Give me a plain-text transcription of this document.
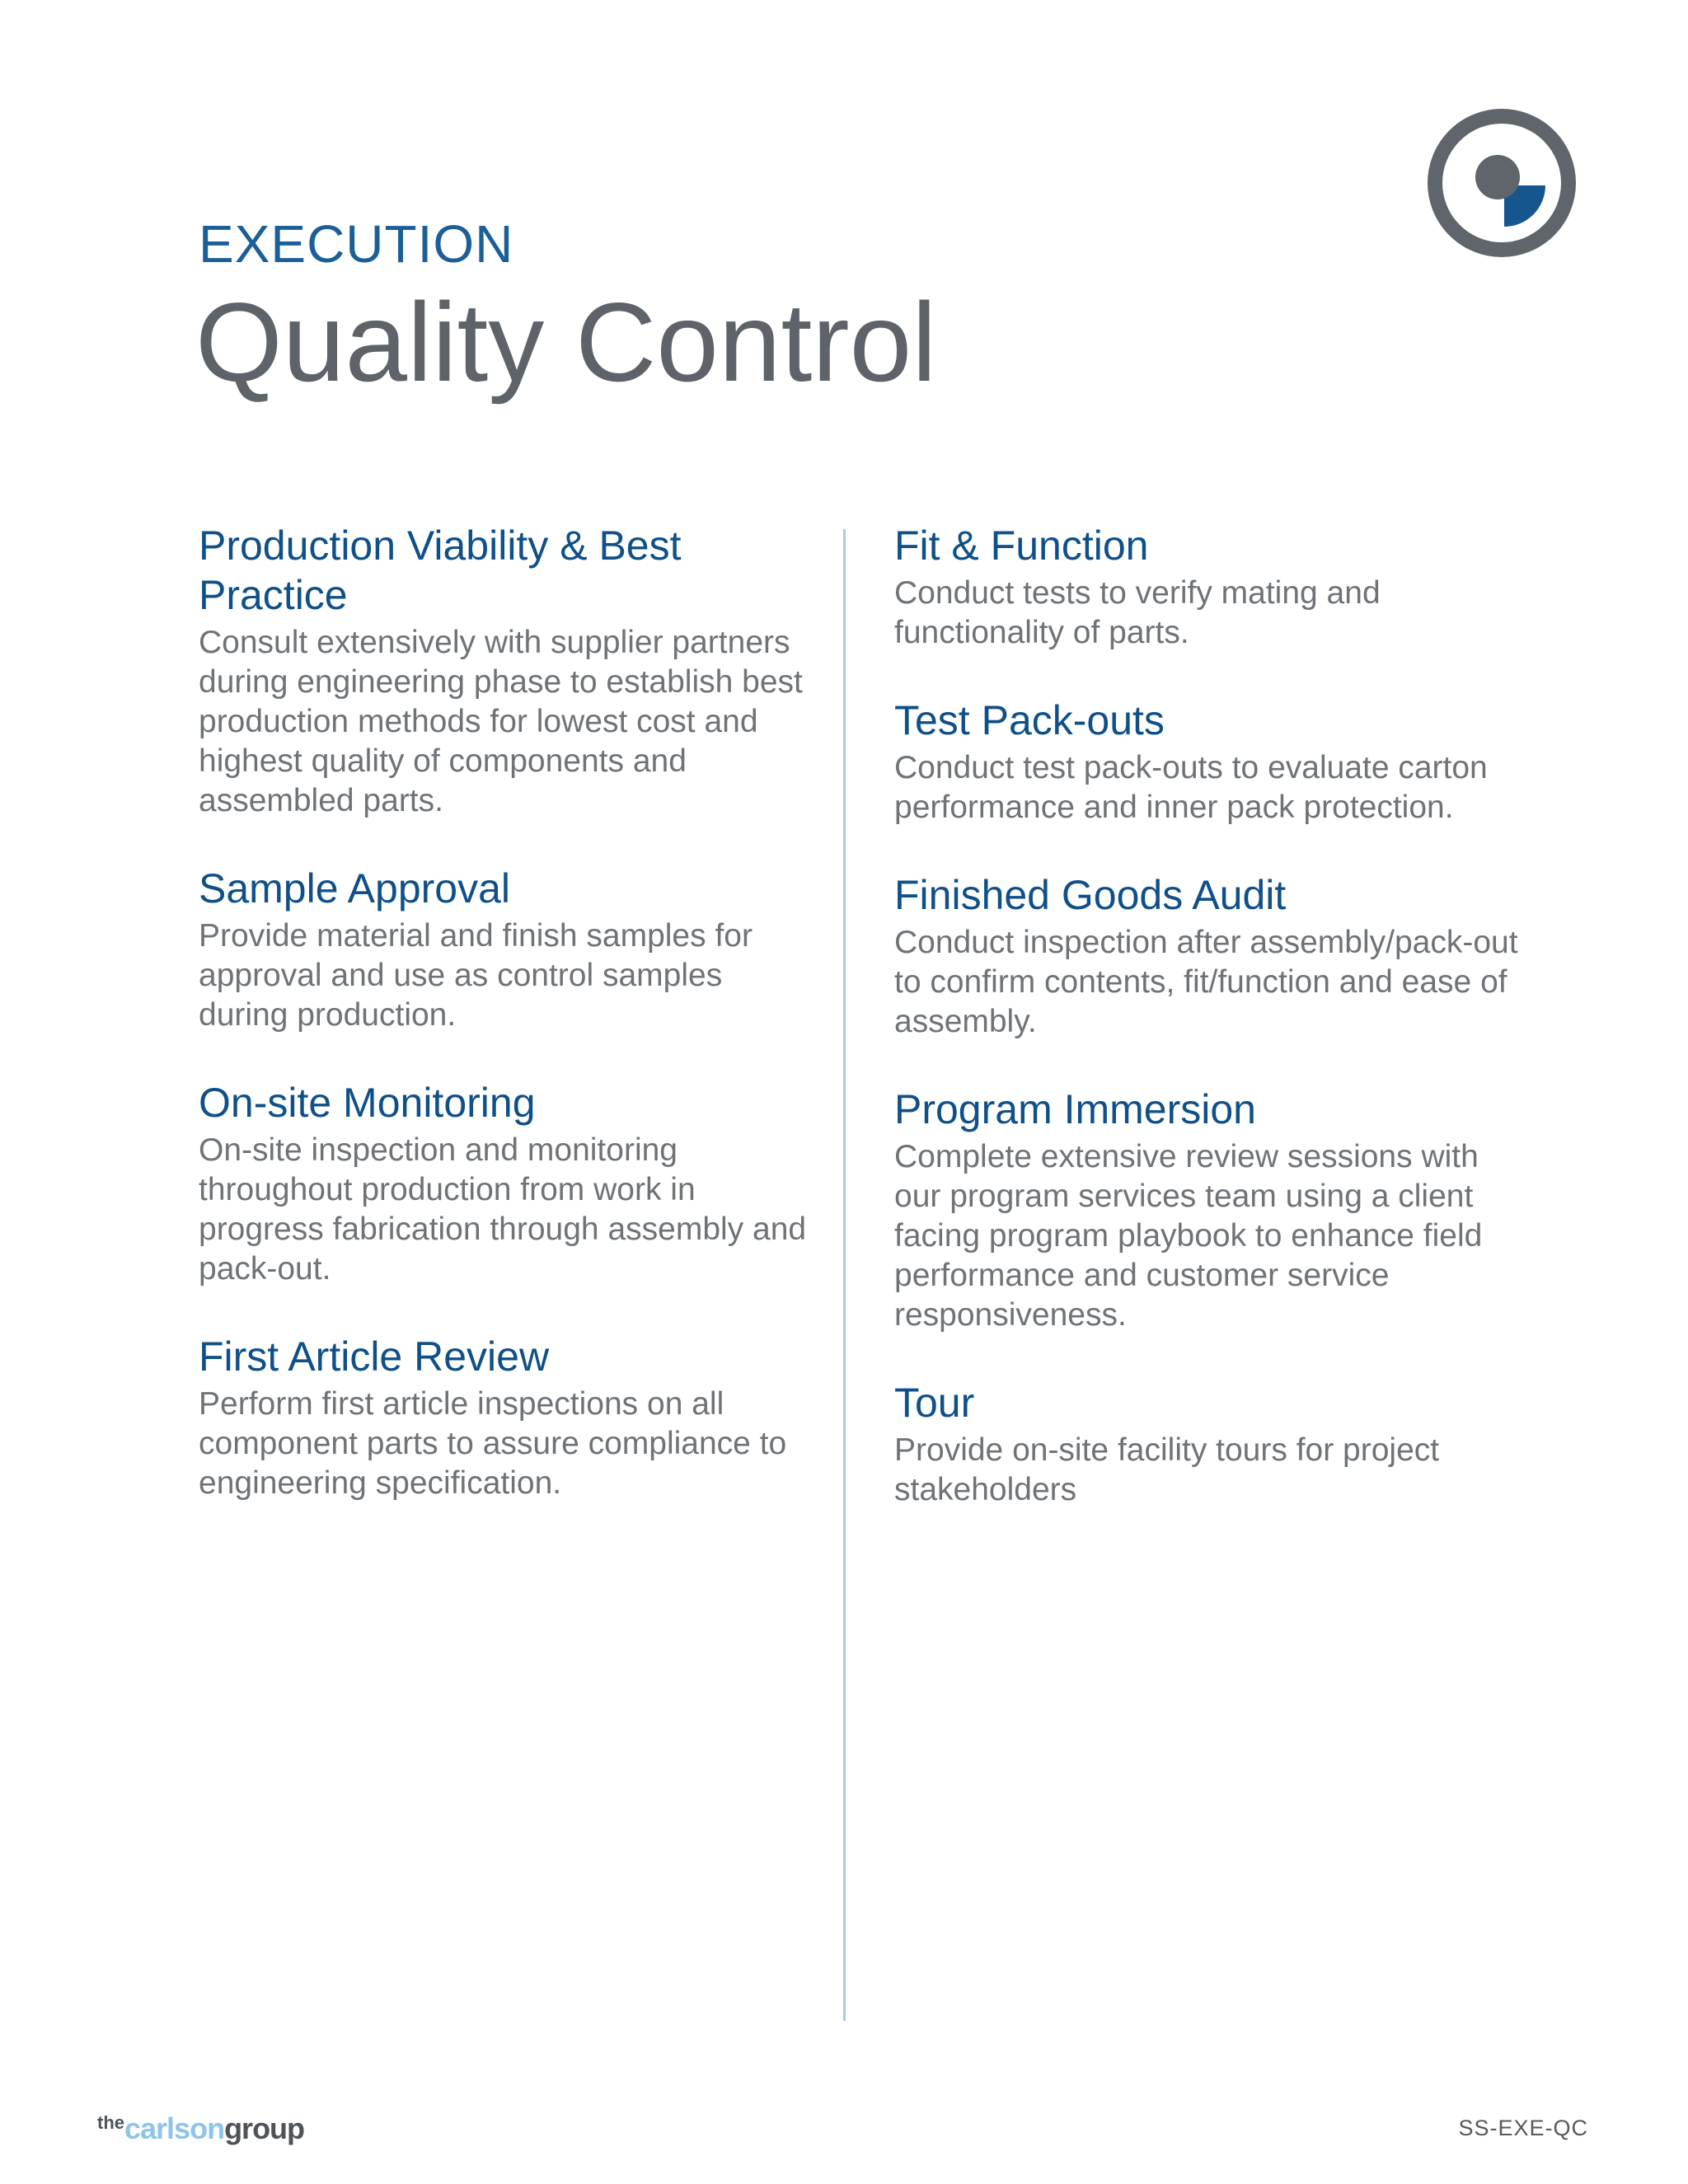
EXECUTION
Quality Control
Production Viability & Best Practice

Consult extensively with supplier partners during engineering phase to establish best production methods for lowest cost and highest quality of components and assembled parts.

Sample Approval

Provide material and finish samples for approval and use as control samples during production.

On-site Monitoring

On-site inspection and monitoring throughout production from work in progress fabrication through assembly and pack-out.

First Article Review

Perform first article inspections on all component parts to assure compliance to engineering specification.

Fit & Function

Conduct tests to verify mating and functionality of parts.

Test Pack-outs

Conduct test pack-outs to evaluate carton performance and inner pack protection.

Finished Goods Audit

Conduct inspection after assembly/pack-out to confirm contents, fit/function and ease of assembly.

Program Immersion

Complete extensive review sessions with our program services team using a client facing program playbook to enhance field performance and customer service responsiveness.

Tour

Provide on-site facility tours for project stakeholders

$^{the}$carlsongroup	SS-EXE-QC
